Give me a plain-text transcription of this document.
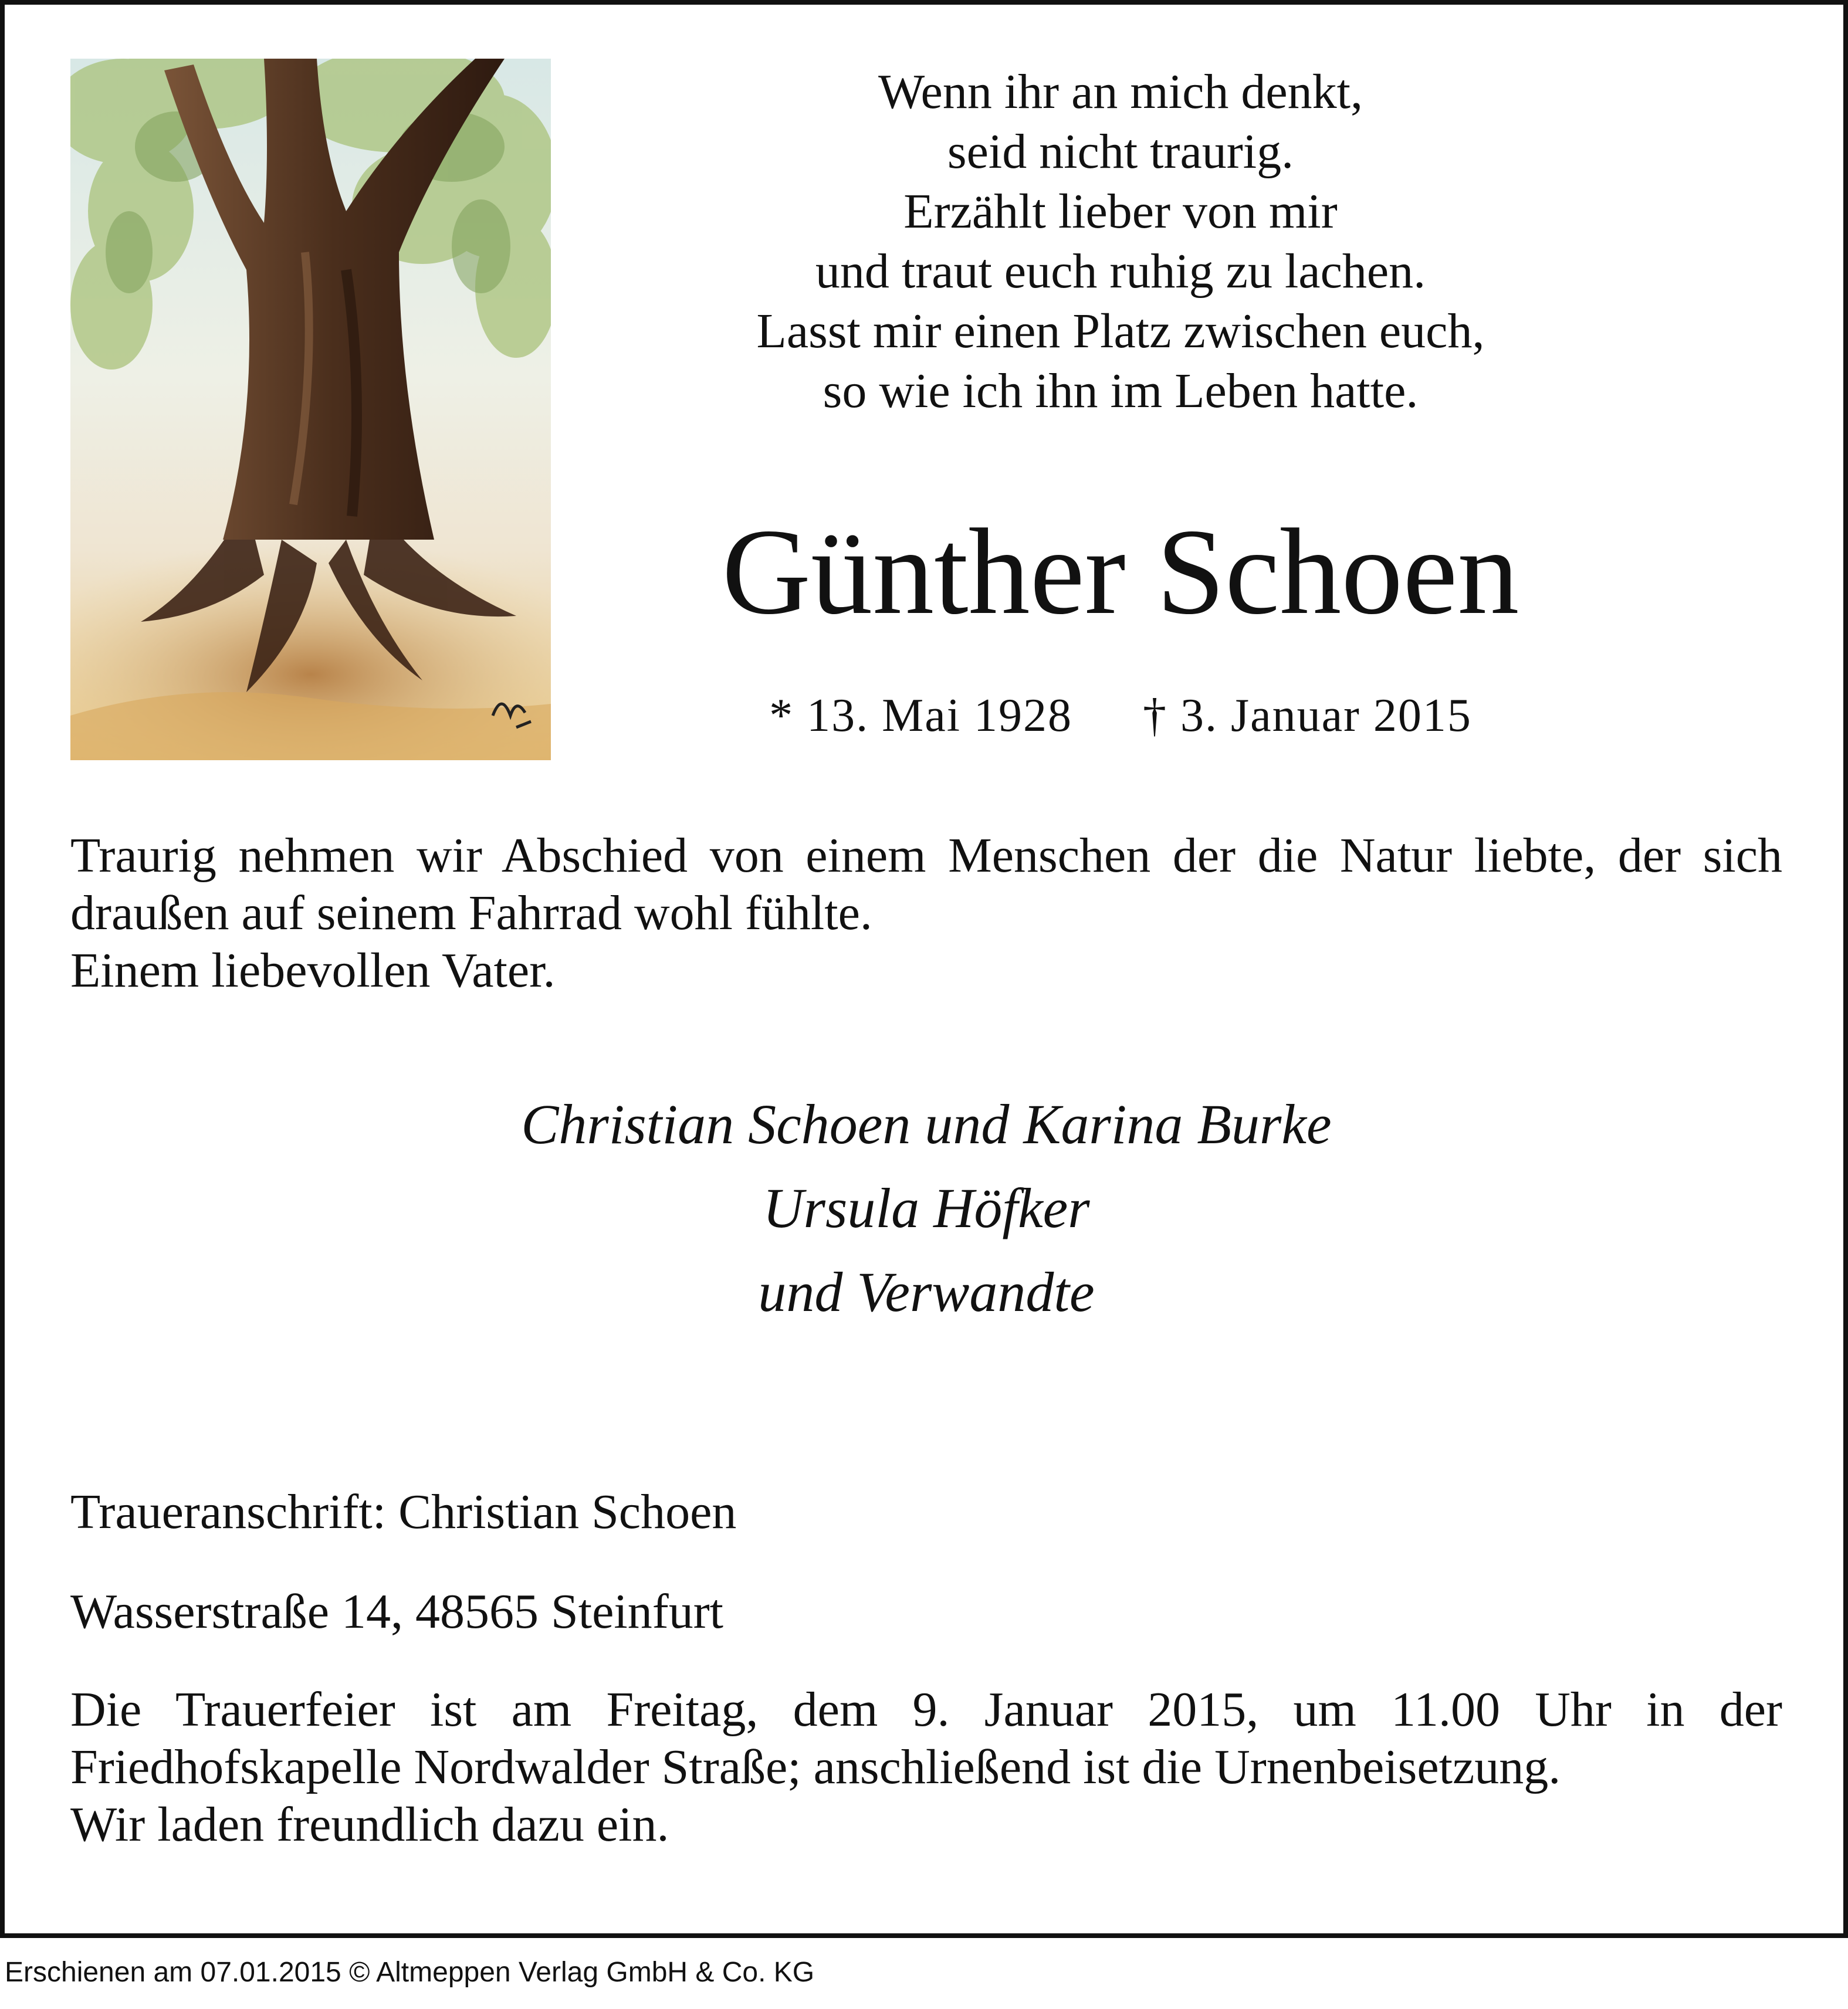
Wenn ihr an mich denkt,
seid nicht traurig.
Erzählt lieber von mir
und traut euch ruhig zu lachen.
Lasst mir einen Platz zwischen euch,
so wie ich ihn im Leben hatte.
Günther Schoen
* 13. Mai 1928 † 3. Januar 2015
Traurig nehmen wir Abschied von einem Menschen der die Natur liebte, der sich
draußen auf seinem Fahrrad wohl fühlte.
Einem liebevollen Vater.
Christian Schoen und Karina Burke
Ursula Höfker
und Verwandte
Traueranschrift: Christian Schoen
Wasserstraße 14, 48565 Steinfurt
Die Trauerfeier ist am Freitag, dem 9. Januar 2015, um 11.00 Uhr in der
Friedhofskapelle Nordwalder Straße; anschließend ist die Urnenbeisetzung.
Wir laden freundlich dazu ein.
Erschienen am 07.01.2015 © Altmeppen Verlag GmbH & Co. KG
